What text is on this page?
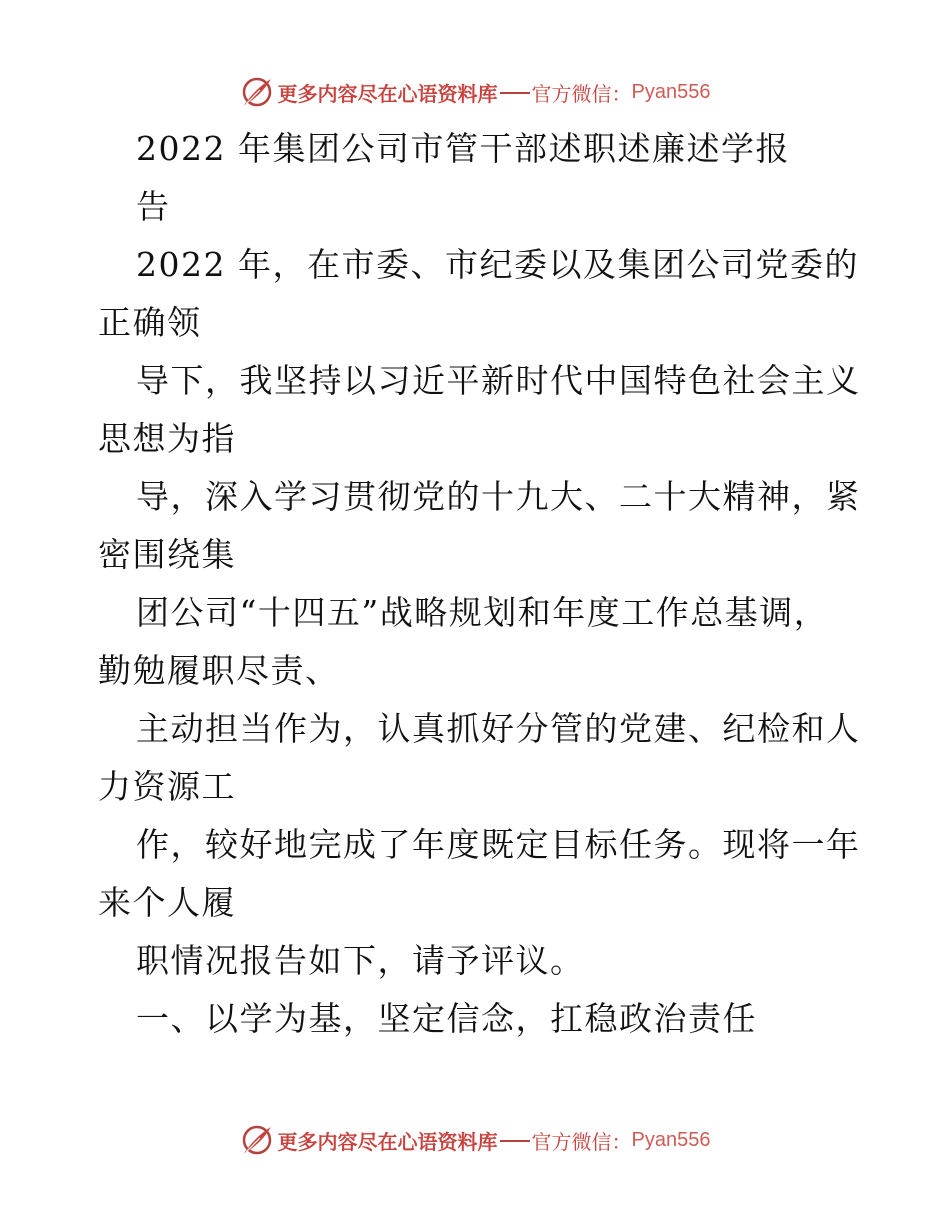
更多内容尽在心语资料库 官方微信： Pyan556

2022 年集团公司市管干部述职述廉述学报

告

2022 年，在市委、市纪委以及集团公司党委的

正确领

导下，我坚持以习近平新时代中国特色社会主义

思想为指

导，深入学习贯彻党的十九大、二十大精神，紧

密围绕集

团公司“十四五”战略规划和年度工作总基调，

勤勉履职尽责、

主动担当作为，认真抓好分管的党建、纪检和人

力资源工

作，较好地完成了年度既定目标任务。现将一年

来个人履

职情况报告如下，请予评议。

一、以学为基，坚定信念，扛稳政治责任

更多内容尽在心语资料库 官方微信： Pyan556
